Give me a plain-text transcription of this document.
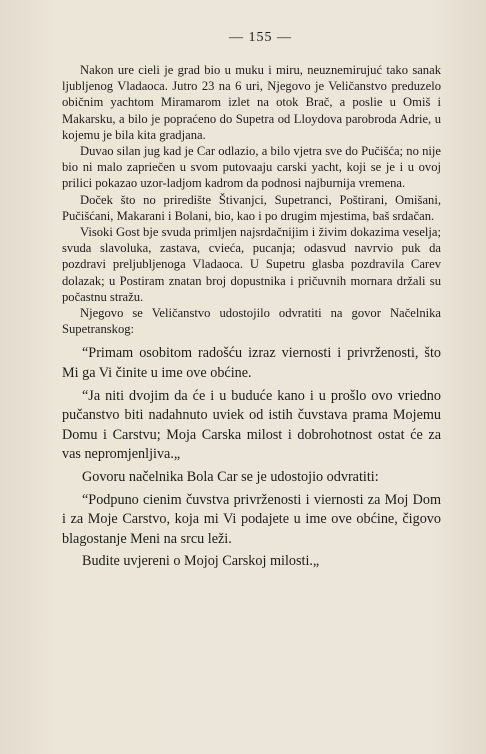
— 155 —

Nakon ure cieli je grad bio u muku i miru, neuznemirujuć tako sanak ljubljenog Vladaoca. Jutro 23 na 6 uri, Njegovo je Veličanstvo preduzelo običnim yachtom Miramarom izlet na otok Brač, a poslie u Omiš i Makarsku, a bilo je popraćeno do Supetra od Lloydova parobroda Adrie, u kojemu je bila kita gradjana.

Duvao silan jug kad je Car odlazio, a bilo vjetra sve do Pučišća; no nije bio ni malo zapriečen u svom putovaaju carski yacht, koji se je i u ovoj prilici pokazao uzor-ladjom kadrom da podnosi najburnija vremena.

Doček što no priredište Štivanjci, Supetranci, Poštirani, Omišani, Pučišćani, Makarani i Bolani, bio, kao i po drugim mjestima, baš srdačan.

Visoki Gost bje svuda primljen najsrdačnijim i živim dokazima veselja; svuda slavoluka, zastava, cvieća, pucanja; odasvud navrvio puk da pozdravi preljubljenoga Vladaoca. U Supetru glasba pozdravila Carev dolazak; u Postiram znatan broj dopustnika i pričuvnih mornara držali su počastnu stražu.

Njegovo se Veličanstvo udostojilo odvratiti na govor Načelnika Supetranskog:

“Primam osobitom radošću izraz viernosti i privrženosti, što Mi ga Vi činite u ime ove obćine.

“Ja niti dvojim da će i u buduće kano i u prošlo ovo vriedno pučanstvo biti nadahnuto uviek od istih čuvstava prama Mojemu Domu i Carstvu; Moja Carska milost i dobrohotnost ostat će za vas nepromjenljiva.„

Govoru načelnika Bola Car se je udostojio odvratiti:

“Podpuno cienim čuvstva privrženosti i viernosti za Moj Dom i za Moje Carstvo, koja mi Vi podajete u ime ove obćine, čigovo blagostanje Meni na srcu leži.

Budite uvjereni o Mojoj Carskoj milosti.„
